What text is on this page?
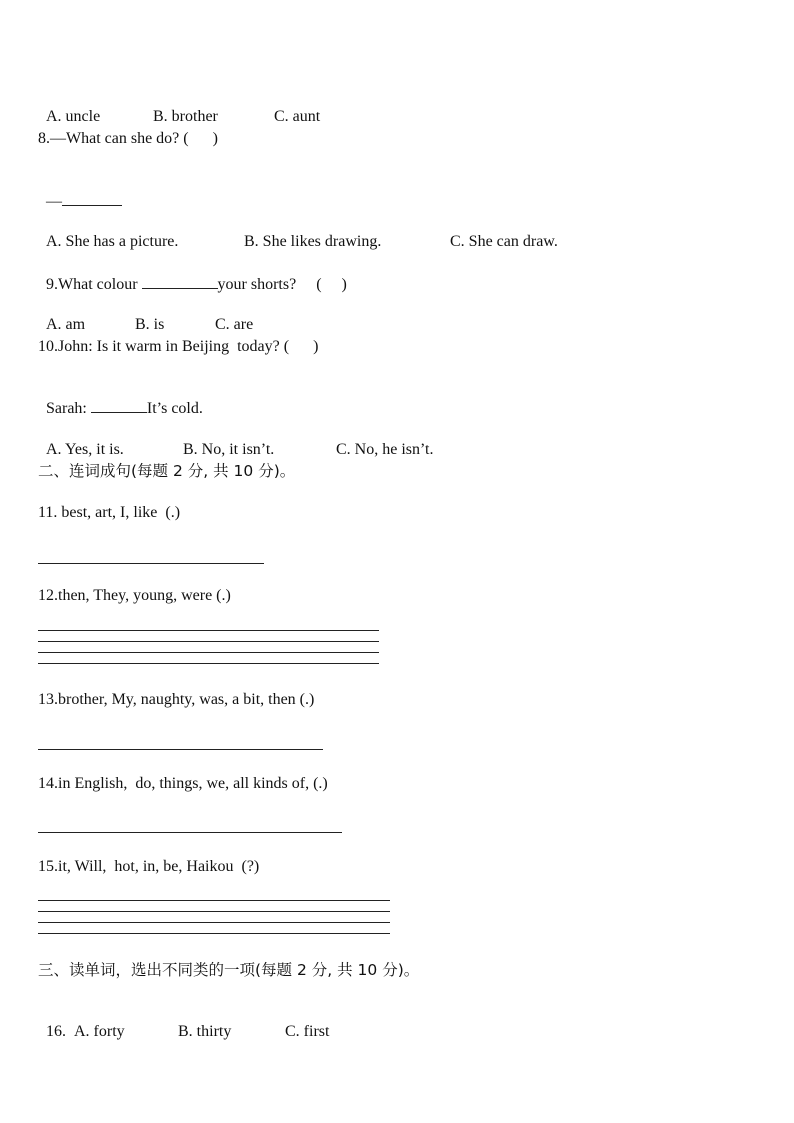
A. uncle	B. brother	C. aunt

8.—What can she do? (      )

—

A. She has a picture.	B. She likes drawing.	C. She can draw.

9.What colour	your shorts?     (     )

A. am	B. is	C. are

10.John: Is it warm in Beijing  today? (      )

Sarah:	It’s cold.

A. Yes, it is.	B. No, it isn’t.	C. No, he isn’t.

二、连词成句(每题 2 分, 共 10 分)。
11. best, art, I, like  (.)
12.then, They, young, were (.)
13.brother, My, naughty, was, a bit, then (.)
14.in English,  do, things, we, all kinds of, (.)
15.it, Will,  hot, in, be, Haikou  (?)
三、读单词，选出不同类的一项(每题 2 分, 共 10 分)。

16. A. forty	B. thirty	C. first
